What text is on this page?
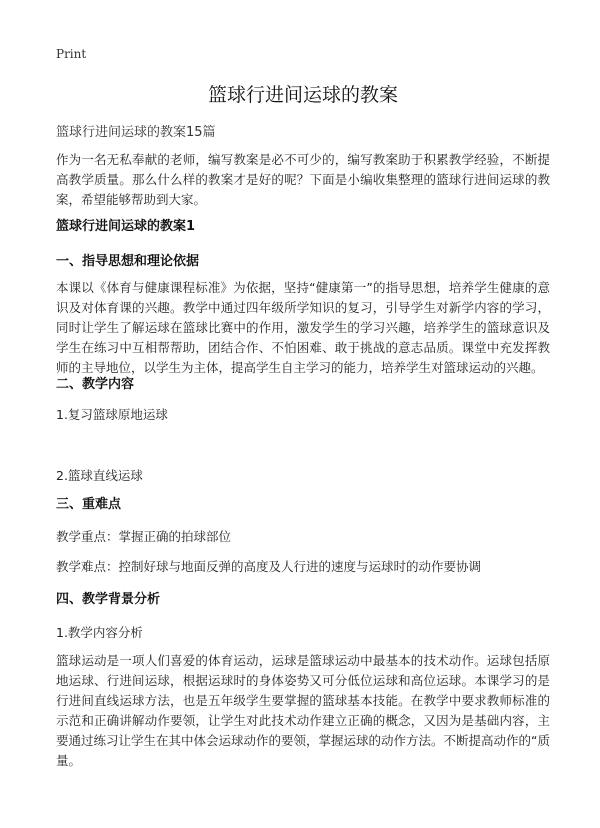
Print
篮球行进间运球的教案
篮球行进间运球的教案15篇

作为一名无私奉献的老师，编写教案是必不可少的，编写教案助于积累教学经验，不断提高教学质量。那么什么样的教案才是好的呢？下面是小编收集整理的篮球行进间运球的教案，希望能够帮助到大家。

篮球行进间运球的教案1
一、指导思想和理论依据

本课以《体育与健康课程标准》为依据，坚持“健康第一”的指导思想，培养学生健康的意识及对体育课的兴趣。教学中通过四年级所学知识的复习，引导学生对新学内容的学习，同时让学生了解运球在篮球比赛中的作用，激发学生的学习兴趣，培养学生的篮球意识及学生在练习中互相帮帮助，团结合作、不怕困难、敢于挑战的意志品质。课堂中充发挥教师的主导地位，以学生为主体，提高学生自主学习的能力，培养学生对篮球运动的兴趣。

二、教学内容

1.复习篮球原地运球

2.篮球直线运球

三、重难点

教学重点：掌握正确的拍球部位

教学难点：控制好球与地面反弹的高度及人行进的速度与运球时的动作要协调

四、教学背景分析

1.教学内容分析

篮球运动是一项人们喜爱的体育运动，运球是篮球运动中最基本的技术动作。运球包括原地运球、行进间运球，根据运球时的身体姿势又可分低位运球和高位运球。本课学习的是行进间直线运球方法，也是五年级学生要掌握的篮球基本技能。在教学中要求教师标准的示范和正确讲解动作要领，让学生对此技术动作建立正确的概念，又因为是基础内容，主要通过练习让学生在其中体会运球动作的要领，掌握运球的动作方法。不断提高动作的“质量。
